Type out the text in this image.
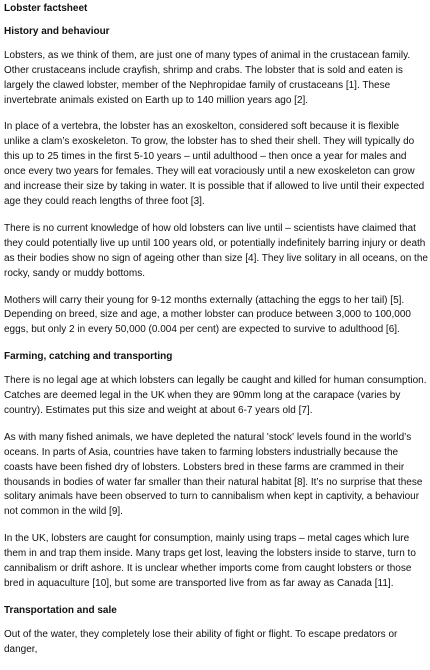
Lobster factsheet
History and behaviour

Lobsters, as we think of them, are just one of many types of animal in the crustacean family. Other crustaceans include crayfish, shrimp and crabs. The lobster that is sold and eaten is largely the clawed lobster, member of the Nephropidae family of crustaceans [1]. These invertebrate animals existed on Earth up to 140 million years ago [2].

In place of a vertebra, the lobster has an exoskelton, considered soft because it is flexible unlike a clam’s exoskeleton. To grow, the lobster has to shed their shell. They will typically do this up to 25 times in the first 5-10 years – until adulthood – then once a year for males and once every two years for females. They will eat voraciously until a new exoskeleton can grow and increase their size by taking in water. It is possible that if allowed to live until their expected age they could reach lengths of three foot [3].

There is no current knowledge of how old lobsters can live until – scientists have claimed that they could potentially live up until 100 years old, or potentially indefinitely barring injury or death as their bodies show no sign of ageing other than size [4]. They live solitary in all oceans, on the rocky, sandy or muddy bottoms.

Mothers will carry their young for 9-12 months externally (attaching the eggs to her tail) [5]. Depending on breed, size and age, a mother lobster can produce between 3,000 to 100,000 eggs, but only 2 in every 50,000 (0.004 per cent) are expected to survive to adulthood [6].

Farming, catching and transporting

There is no legal age at which lobsters can legally be caught and killed for human consumption. Catches are deemed legal in the UK when they are 90mm long at the carapace (varies by country). Estimates put this size and weight at about 6-7 years old [7].

As with many fished animals, we have depleted the natural 'stock' levels found in the world’s oceans. In parts of Asia, countries have taken to farming lobsters industrially because the coasts have been fished dry of lobsters. Lobsters bred in these farms are crammed in their thousands in bodies of water far smaller than their natural habitat [8]. It’s no surprise that these solitary animals have been observed to turn to cannibalism when kept in captivity, a behaviour not common in the wild [9].

In the UK, lobsters are caught for consumption, mainly using traps – metal cages which lure them in and trap them inside. Many traps get lost, leaving the lobsters inside to starve, turn to cannibalism or drift ashore. It is unclear whether imports come from caught lobsters or those bred in aquaculture [10], but some are transported live from as far away as Canada [11].

Transportation and sale

Out of the water, they completely lose their ability of fight or flight. To escape predators or danger,
